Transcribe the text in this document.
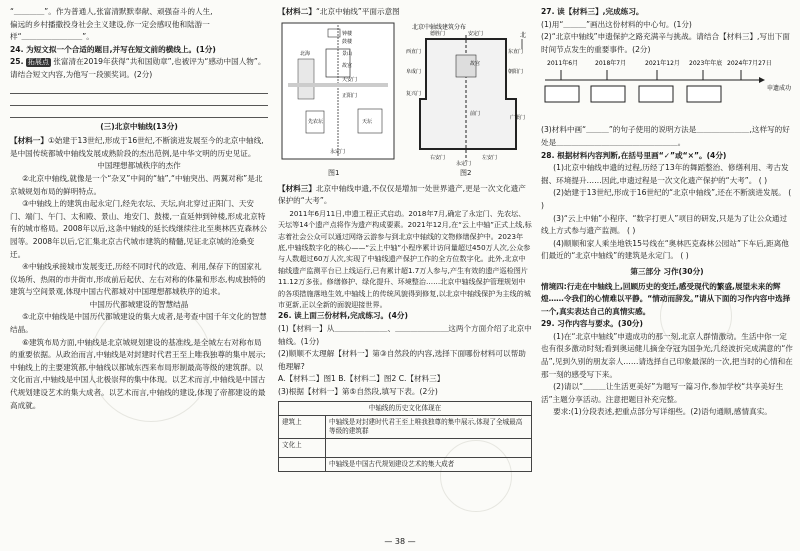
“＿＿＿＿”。作为普通人,张富清默默奉献、顽强奋斗的人生,

偏远的乡村播撒投身社会主义建设,你一定会感叹他和陆游一

样“＿＿＿＿＿＿＿＿”。

24. 为短文拟一个合适的题目,并写在短文前的横线上。(1分)

25. 拓展点 张富清在2019年获得“共和国勋章”,也被评为“感动中国人物”。请结合短文内容,为他写一段颁奖词。(2分)

(三)北京中轴线(13分)

【材料一】①始建于13世纪,形成于16世纪,不断演进发展至今的北京中轴线,是中国传统都城中轴线发展成熟阶段的杰出范例,是中华文明的历史见证。

中国理想都城秩序的杰作

②北京中轴线,就像是一个“杂叉”中间的“轴”,“中轴突出、两翼对称”是北京城规划布局的鲜明特点。

③中轴线上的建筑由起永定门,经先农坛、天坛,向北穿过正阳门、天安门、端门、午门、太和殿、景山、地安门、鼓楼,一直延伸到钟楼,形成北京特有的城市格局。2008年以后,这条中轴线的延长线继续往北至奥林匹克森林公园等。2008年以后,它汇集北京古代城市建筑的精髓,见证北京城的沧桑变迁。

④中轴线承接城市发展变迁,历经不同时代的改造、利用,保存下的国家礼仪场所、热闹的市井街市,形成前后起伏、左右对称的体量和形态,构成独特的建筑与空间景观,体现中国古代都城对中国理想都城秩序的追求。

中国历代都城建设的智慧结晶

⑤北京中轴线是中国历代都城建设的集大成者,是考查中国千年文化的智慧结晶。

⑥建筑布局方面,中轴线是北京城规划建设的基准线,是全城左右对称布局的重要依据。从政治而言,中轴线是对封建时代君王至上唯我独尊的集中展示;中轴线上的主要建筑都,中轴线以都城东西来布局形制最高等级的建筑群。以文化而言,中轴线是中国人北极崇拜的集中体现。以艺术而言,中轴线是中国古代规划建设艺术的集大成者。以艺术而言,中轴线的建设,体现了帝都建设的最高成就。

【材料二】“北京中轴线”平面示意图

钟楼
鼓楼
景山
故宫
天安门
正阳门
天坛
永定门
先农坛
北海
图1
北京中轴线建筑分布
北
安定门
东直门
朝阳门
德胜门
西直门
阜成门
复兴门
广渠门
左安门
右安门
故宫
前门
永定门
图2

【材料三】北京中轴线申遗,不仅仅是增加一处世界遗产,更是一次文化遗产保护的“大考”。

2011年6月11日,申遗工程正式启动。2018年7月,确定了永定门、先农坛、天坛等14个遗产点将作为遗产构成要素。2021年12月,在“云上中轴”正式上线,标志着社会公众可以通过网络云游参与到北京中轴线的文物修缮保护中。2023年底,中轴线数字化的核心——“云上中轴”小程序累计访问量超过450万人次,公众参与人数超过60万人次,实现了中轴线遗产保护工作的全方位数字化。此外,北京中轴线遗产监测平台已上线运行,已有累计超1.7万人参与,产生有效的遗产巡检图片11.12万多张。修缮修护、绿化提升、环境整治……北京中轴线保护管理规划中的各项措施落地生效,中轴线上的传统风貌得到修复,以北京中轴线保护为主线的城市更新,正以全新的面貌迎接世界。

26. 读上面三份材料,完成练习。(4分)

(1)【材料一】从＿＿＿＿＿＿＿、＿＿＿＿＿＿＿这两个方面介绍了北京中轴线。(1分)

(2)顺顺不太理解【材料一】第③自然段的内容,选择下面哪份材料可以帮助他理解?

A.【材料二】图1 B.【材料二】图2 C.【材料三】

(3)根据【材料一】第⑤自然段,填写下表。(2分)

中轴线的历史文化体现在	
建筑上	中轴线是对封建时代君王至上唯我独尊的集中展示,体现了全城最高等级的建筑群
文化上	
	中轴线是中国古代规划建设艺术的集大成者

27. 读【材料三】,完成练习。

(1)用“＿＿＿”画出这份材料的中心句。(1分)

(2)“北京中轴线”申遗保护之路充满辛与挑战。请结合【材料三】,写出下面时间节点发生的重要事件。(2分)

2011年6月	2018年7月	2021年12月 2023年年底 2024年7月27日
申遗成功

(3)材料中画“＿＿＿”的句子使用的说明方法是＿＿＿＿＿＿＿,这样写的好处是＿＿＿＿＿＿＿＿＿＿＿＿＿＿＿＿。

28. 根据材料内容判断,在括号里画“✓”或“×”。(4分)

(1)北京中轴线申遗的过程,历经了13年的舞蹈整治、修缮利用、考古发掘、环境提升……因此,申遗过程是一次文化遗产保护的“大考”。 ( )

(2)始建于13世纪,形成于16世纪的“北京中轴线”,还在不断演进发展。 ( )

(3)“云上中轴”小程序、“数字打更人”项目的研发,只是为了让公众通过线上方式参与遗产监测。 ( )

(4)顺顺和家人乘坐地铁15号线在“奥林匹克森林公园站”下车后,距离他们最近的“北京中轴线”的建筑是永定门。 ( )

第三部分 习作(30分)

情境四:行走在中轴线上,回顾历史的变迁,感受现代的繁盛,展望未来的辉煌……令我们的心情难以平静。“情动而辞发。”请从下面的习作内容中选择一个,真实表达自己的真情实感。

29. 习作内容与要求。(30分)

(1)在“北京中轴线”申遗成功的那一刻,北京人群情激动。生活中你一定也有很多激动时刻;看到奥运健儿摘金夺冠为国争光,几经波折完成满意的“作品”,见到久别的朋友亲人……请选择自己印象最深的一次,把当时的心情和在那一刻的感受写下来。

(2)请以“＿＿＿让生活更美好”为题写一篇习作,参加学校“共享美好生活”主题分享活动。注意把题目补充完整。

要求:(1)分段表述,把重点部分写详细些。(2)语句通顺,感情真实。

— 38 —
